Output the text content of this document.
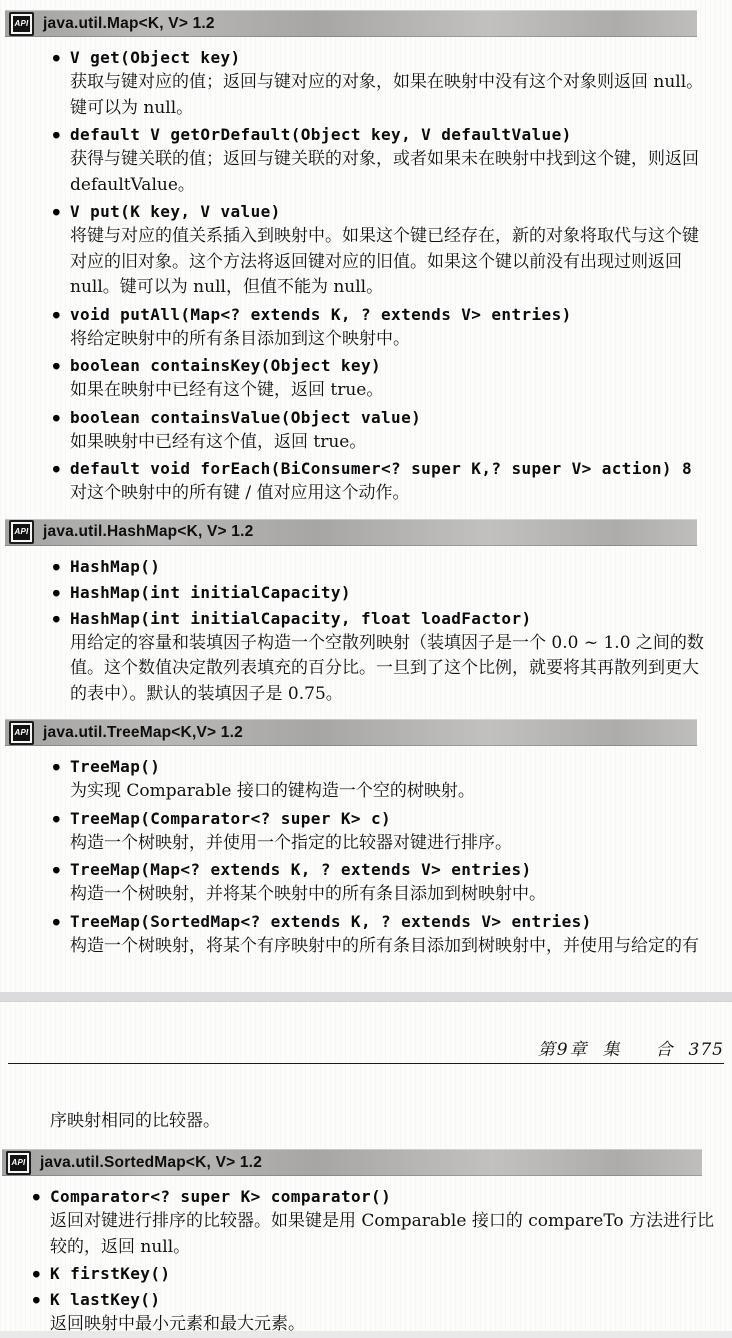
API java.util.Map<K, V> 1.2
● V get(Object key)
获取与键对应的值；返回与键对应的对象，如果在映射中没有这个对象则返回 null。
键可以为 null。
● default V getOrDefault(Object key, V defaultValue)
获得与键关联的值；返回与键关联的对象，或者如果未在映射中找到这个键，则返回
defaultValue。
● V put(K key, V value)
将键与对应的值关系插入到映射中。如果这个键已经存在，新的对象将取代与这个键
对应的旧对象。这个方法将返回键对应的旧值。如果这个键以前没有出现过则返回
null。键可以为 null，但值不能为 null。
● void putAll(Map<? extends K, ? extends V> entries)
将给定映射中的所有条目添加到这个映射中。
● boolean containsKey(Object key)
如果在映射中已经有这个键，返回 true。
● boolean containsValue(Object value)
如果映射中已经有这个值，返回 true。
● default void forEach(BiConsumer<? super K,? super V> action) 8
对这个映射中的所有键 / 值对应用这个动作。
API java.util.HashMap<K, V> 1.2
● HashMap()
● HashMap(int initialCapacity)
● HashMap(int initialCapacity, float loadFactor)
用给定的容量和装填因子构造一个空散列映射（装填因子是一个 0.0 ~ 1.0 之间的数
值。这个数值决定散列表填充的百分比。一旦到了这个比例，就要将其再散列到更大
的表中）。默认的装填因子是 0.75。
API java.util.TreeMap<K,V> 1.2
● TreeMap()
为实现 Comparable 接口的键构造一个空的树映射。
● TreeMap(Comparator<? super K> c)
构造一个树映射，并使用一个指定的比较器对键进行排序。
● TreeMap(Map<? extends K, ? extends V> entries)
构造一个树映射，并将某个映射中的所有条目添加到树映射中。
● TreeMap(SortedMap<? extends K, ? extends V> entries)
构造一个树映射，将某个有序映射中的所有条目添加到树映射中，并使用与给定的有
第9章 集 合 375
序映射相同的比较器。
API java.util.SortedMap<K, V> 1.2
● Comparator<? super K> comparator()
返回对键进行排序的比较器。如果键是用 Comparable 接口的 compareTo 方法进行比
较的，返回 null。
● K firstKey()
● K lastKey()
返回映射中最小元素和最大元素。
